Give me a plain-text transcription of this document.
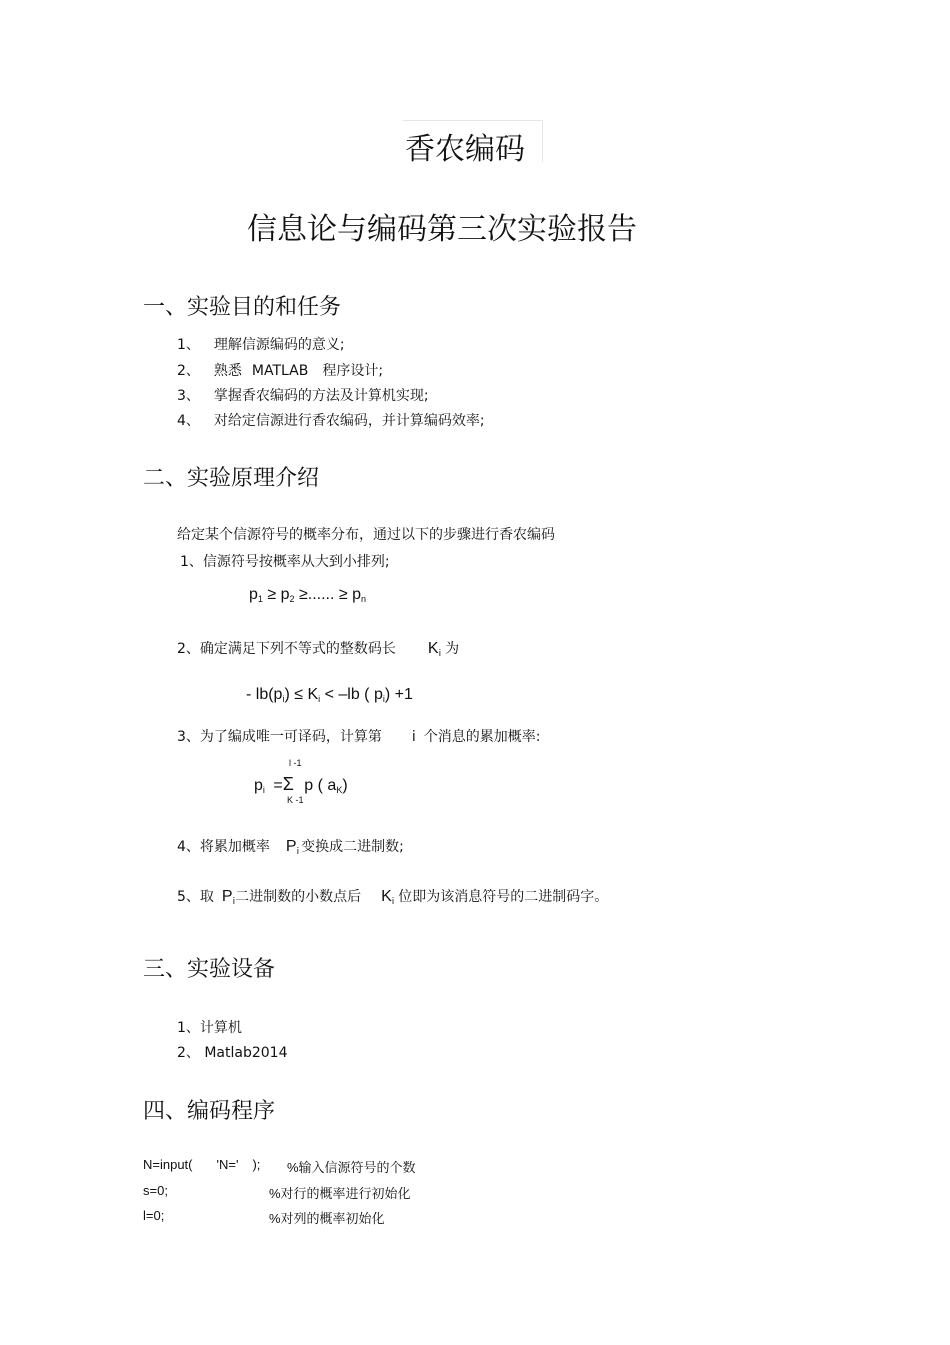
香农编码
信息论与编码第三次实验报告
一、实验目的和任务
1、 理解信源编码的意义;
2、 熟悉 MATLAB 程序设计;
3、 掌握香农编码的方法及计算机实现;
4、 对给定信源进行香农编码，并计算编码效率;
二、实验原理介绍
给定某个信源符号的概率分布，通过以下的步骤进行香农编码
1、信源符号按概率从大到小排列;
$p_1 \ge p_2$ ≥...... ≥ $p_n$
2、确定满足下列不等式的整数码长 $K_i$ 为
- $lb(p_i) \le K_i < -lb$ ( $p_i) +1$
3、为了编成唯一可译码，计算第 i 个消息的累加概率:
l -1
$p_i =\Sigma$ p ( $a_K$)
K -1
4、将累加概率 $P_i$ 变换成二进制数;
5、取 $P_i$二进制数的小数点后 $K_i$ 位即为该消息符号的二进制码字。
三、实验设备
1、计算机
2、 Matlab2014
四、编码程序
N=input( 'N=' ); %输入信源符号的个数
s=0;	%对行的概率进行初始化
l=0;	%对列的概率初始化
